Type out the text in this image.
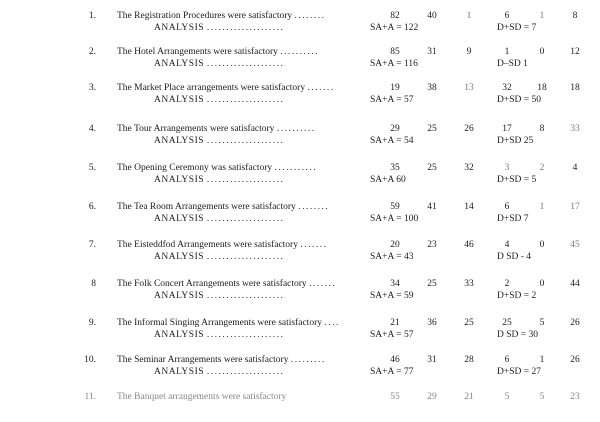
1. The Registration Procedures were satisfactory ........	82	40	1	6	1	8
ANALYSIS ....................	SA+A = 122	D+SD = 7
2. The Hotel Arrangements were satisfactory ..........	85	31	9	1	0	12
ANALYSIS ....................	SA+A = 116	D–SD 1
3. The Market Place arrangements were satisfactory .......	19	38	13	32	18	18
ANALYSIS ....................	SA+A = 57	D+SD = 50
4. The Tour Arrangements were satisfactory ..........	29	25	26	17	8	33
ANALYSIS ....................	SA+A = 54	D+SD 25
5. The Opening Ceremony was satisfactory ...........	35	25	32	3	2	4
ANALYSIS ....................	SA+A 60	D+SD = 5
6. The Tea Room Arrangements were satisfactory ........	59	41	14	6	1	17
ANALYSIS ....................	SA+A = 100	D+SD 7
7. The Eisteddfod Arrangements were satisfactory .......	20	23	46	4	0	45
ANALYSIS ....................	SA+A = 43	D SD - 4
8 The Folk Concert Arrangements were satisfactory .......	34	25	33	2	0	44
ANALYSIS ....................	SA+A = 59	D+SD = 2
9. The Informal Singing Arrangements were satisfactory ....	21	36	25	25	5	26
ANALYSIS ....................	SA+A = 57	D SD = 30
10. The Seminar Arrangements were satisfactory .........	46	31	28	6	1	26
ANALYSIS ....................	SA+A = 77	D+SD = 27
11. The Banquet arrangements were satisfactory	55	29	21	5	5	23
